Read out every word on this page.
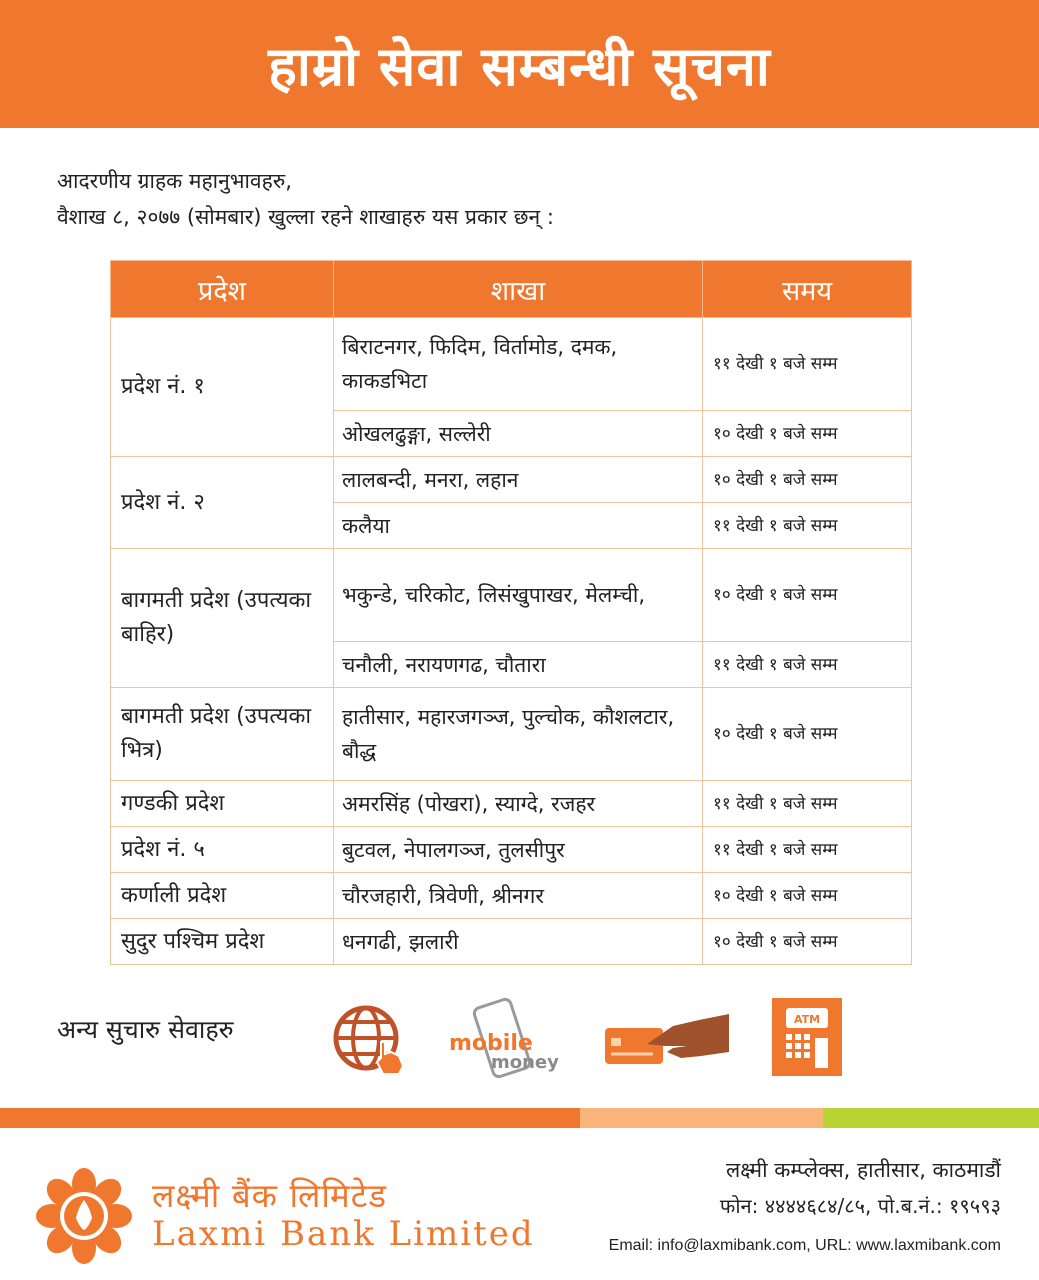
हाम्रो सेवा सम्बन्धी सूचना
आदरणीय ग्राहक महानुभावहरु,
वैशाख ८, २०७७ (सोमबार) खुल्ला रहने शाखाहरु यस प्रकार छन् :
प्रदेश	शाखा	समय
प्रदेश नं. १	बिराटनगर, फिदिम, विर्तामोड, दमक, काकडभिटा	११ देखी १ बजे सम्म
	ओखलढुङ्गा, सल्लेरी	१० देखी १ बजे सम्म
प्रदेश नं. २	लालबन्दी, मनरा, लहान	१० देखी १ बजे सम्म
	कलैया	११ देखी १ बजे सम्म
बागमती प्रदेश (उपत्यका बाहिर)	भकुन्डे, चरिकोट, लिसंखुपाखर, मेलम्ची,	१० देखी १ बजे सम्म
	चनौली, नरायणगढ, चौतारा	११ देखी १ बजे सम्म
बागमती प्रदेश (उपत्यका भित्र)	हातीसार, महारजगञ्ज, पुल्चोक, कौशलटार, बौद्ध	१० देखी १ बजे सम्म
गण्डकी प्रदेश	अमरसिंह (पोखरा), स्याग्दे, रजहर	११ देखी १ बजे सम्म
प्रदेश नं. ५	बुटवल, नेपालगञ्ज, तुलसीपुर	११ देखी १ बजे सम्म
कर्णाली प्रदेश	चौरजहारी, त्रिवेणी, श्रीनगर	१० देखी १ बजे सम्म
सुदुर पश्चिम प्रदेश	धनगढी, झलारी	१० देखी १ बजे सम्म
अन्य सुचारु सेवाहरु	mobile
money
ATM
लक्ष्मी बैंक लिमिटेड
Laxmi Bank Limited
लक्ष्मी कम्प्लेक्स, हातीसार, काठमाडौं
फोन: ४४४४६८४/८५, पो.ब.नं.: १९५९३
Email: info@laxmibank.com, URL: www.laxmibank.com
